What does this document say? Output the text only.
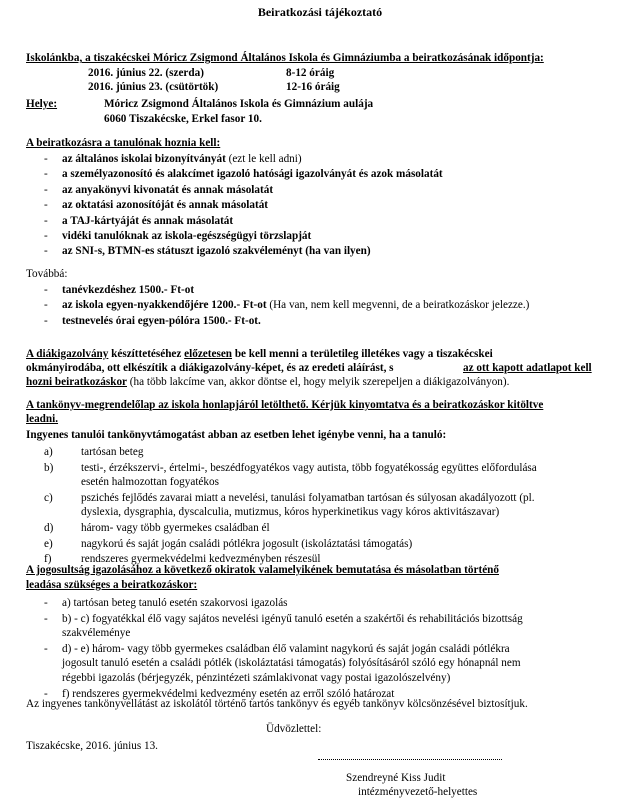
Beiratkozási tájékoztató
Iskolánkba, a tiszakécskei Móricz Zsigmond Általános Iskola és Gimnáziumba a beiratkozásának időpontja:
2016. június 22. (szerda)	8-12 óráig
2016. június 23. (csütörtök)	12-16 óráig
Helye:	Móricz Zsigmond Általános Iskola és Gimnázium aulája
6060 Tiszakécske, Erkel fasor 10.
A beiratkozásra a tanulónak hoznia kell:
- az általános iskolai bizonyítványát (ezt le kell adni)
- a személyazonosító és alakcímet igazoló hatósági igazolványát és azok másolatát
- az anyakönyvi kivonatát és annak másolatát
- az oktatási azonosítóját és annak másolatát
- a TAJ-kártyáját és annak másolatát
- vidéki tanulóknak az iskola-egészségügyi törzslapját
- az SNI-s, BTMN-es státuszt igazoló szakvéleményt (ha van ilyen)
Továbbá:
- tanévkezdéshez 1500.- Ft-ot
- az iskola egyen-nyakkendőjére 1200.- Ft-ot (Ha van, nem kell megvenni, de a beiratkozáskor jelezze.)
- testnevelés órai egyen-pólóra 1500.- Ft-ot.
A diákigazolvány készíttetéséhez előzetesen be kell menni a területileg illetékes vagy a tiszakécskei
okmányirodába, ott elkészítik a diákigazolvány-képet, és az eredeti aláírást, s	az ott kapott adatlapot kell
hozni beiratkozáskor (ha több lakcíme van, akkor döntse el, hogy melyik szerepeljen a diákigazolványon).
A tankönyv-megrendelőlap az iskola honlapjáról letölthető. Kérjük kinyomtatva és a beiratkozáskor kitöltve
leadni.
Ingyenes tanulói tankönyvtámogatást abban az esetben lehet igénybe venni, ha a tanuló:
a)	tartósan beteg
b) testi-, érzékszervi-, értelmi-, beszédfogyatékos vagy autista, több fogyatékosság együttes előfordulása
esetén halmozottan fogyatékos
c)	pszichés fejlődés zavarai miatt a nevelési, tanulási folyamatban tartósan és súlyosan akadályozott (pl.
dyslexia, dysgraphia, dyscalculia, mutizmus, kóros hyperkinetikus vagy kóros aktivitászavar)
d) három- vagy több gyermekes családban él
e)	nagykorú és saját jogán családi pótlékra jogosult (iskoláztatási támogatás)
f)	rendszeres gyermekvédelmi kedvezményben részesül
A jogosultság igazolásához a következő okiratok valamelyikének bemutatása és másolatban történő
leadása szükséges a beiratkozáskor:
- a) tartósan beteg tanuló esetén szakorvosi igazolás
- b) - c) fogyatékkal élő vagy sajátos nevelési igényű tanuló esetén a szakértői és rehabilitációs bizottság
szakvéleménye
- d) - e) három- vagy több gyermekes családban élő valamint nagykorú és saját jogán családi pótlékra
jogosult tanuló esetén a családi pótlék (iskoláztatási támogatás) folyósításáról szóló egy hónapnál nem
régebbi igazolás (bérjegyzék, pénzintézeti számlakivonat vagy postai igazolószelvény)
- f) rendszeres gyermekvédelmi kedvezmény esetén az erről szóló határozat
Az ingyenes tankönyvellátást az iskolától történő tartós tankönyv és egyéb tankönyv kölcsönzésével biztosítjuk.
Üdvözlettel:
Tiszakécske, 2016. június 13.
Szendreyné Kiss Judit
intézményvezető-helyettes
